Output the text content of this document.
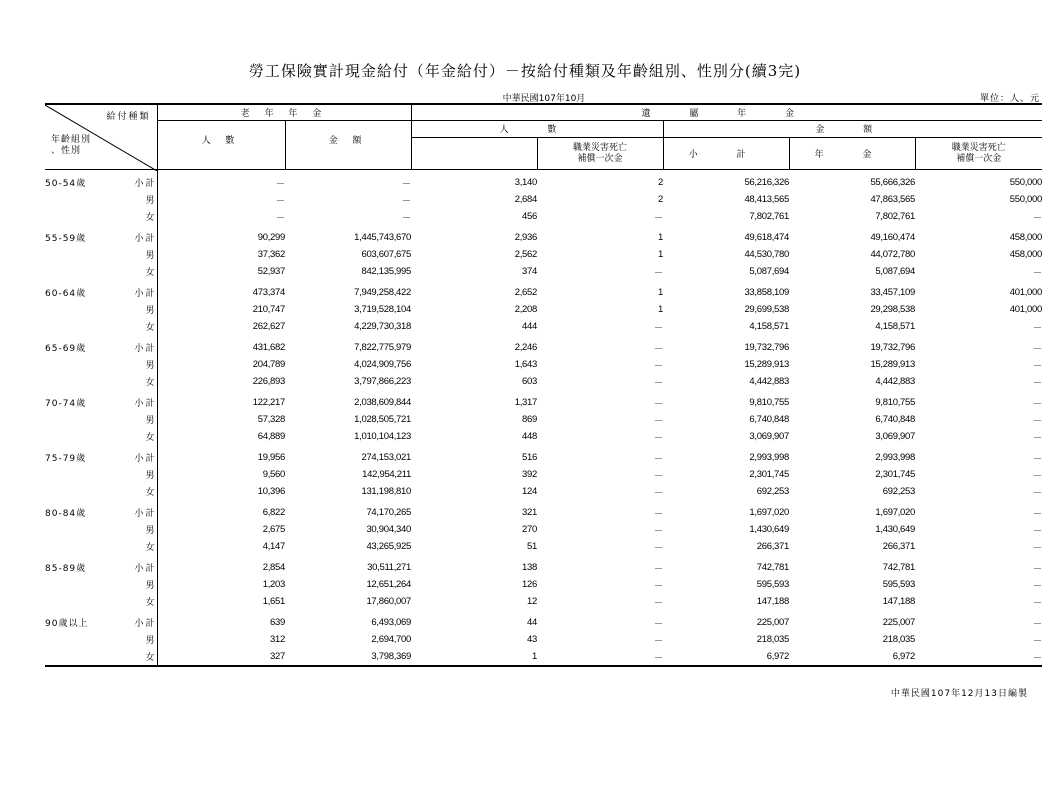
勞工保險實計現金給付（年金給付）－按給付種類及年齡組別、性別分(續3完)
中華民國107年10月	單位：人、元
給付種類
年齡組別
、性別		老 年 年 金		遺 屬 年 金				
		人 數	金 額	人 數		金 額		
					職業災害死亡
補償一次金	小 計	年 金	職業災害死亡
補償一次金
50-54歲	小計	－	－	3,140	2	56,216,326	55,666,326	550,000
	男	－	－	2,684	2	48,413,565	47,863,565	550,000
	女	－	－	456	－	7,802,761	7,802,761	－

55-59歲	小計	90,299	1,445,743,670	2,936	1	49,618,474	49,160,474	458,000
	男	37,362	603,607,675	2,562	1	44,530,780	44,072,780	458,000
	女	52,937	842,135,995	374	－	5,087,694	5,087,694	－

60-64歲	小計	473,374	7,949,258,422	2,652	1	33,858,109	33,457,109	401,000
	男	210,747	3,719,528,104	2,208	1	29,699,538	29,298,538	401,000
	女	262,627	4,229,730,318	444	－	4,158,571	4,158,571	－

65-69歲	小計	431,682	7,822,775,979	2,246	－	19,732,796	19,732,796	－
	男	204,789	4,024,909,756	1,643	－	15,289,913	15,289,913	－
	女	226,893	3,797,866,223	603	－	4,442,883	4,442,883	－

70-74歲	小計	122,217	2,038,609,844	1,317	－	9,810,755	9,810,755	－
	男	57,328	1,028,505,721	869	－	6,740,848	6,740,848	－
	女	64,889	1,010,104,123	448	－	3,069,907	3,069,907	－

75-79歲	小計	19,956	274,153,021	516	－	2,993,998	2,993,998	－
	男	9,560	142,954,211	392	－	2,301,745	2,301,745	－
	女	10,396	131,198,810	124	－	692,253	692,253	－

80-84歲	小計	6,822	74,170,265	321	－	1,697,020	1,697,020	－
	男	2,675	30,904,340	270	－	1,430,649	1,430,649	－
	女	4,147	43,265,925	51	－	266,371	266,371	－

85-89歲	小計	2,854	30,511,271	138	－	742,781	742,781	－
	男	1,203	12,651,264	126	－	595,593	595,593	－
	女	1,651	17,860,007	12	－	147,188	147,188	－

90歲以上	小計	639	6,493,069	44	－	225,007	225,007	－
	男	312	2,694,700	43	－	218,035	218,035	－
	女	327	3,798,369	1	－	6,972	6,972	－
中華民國107年12月13日編製
